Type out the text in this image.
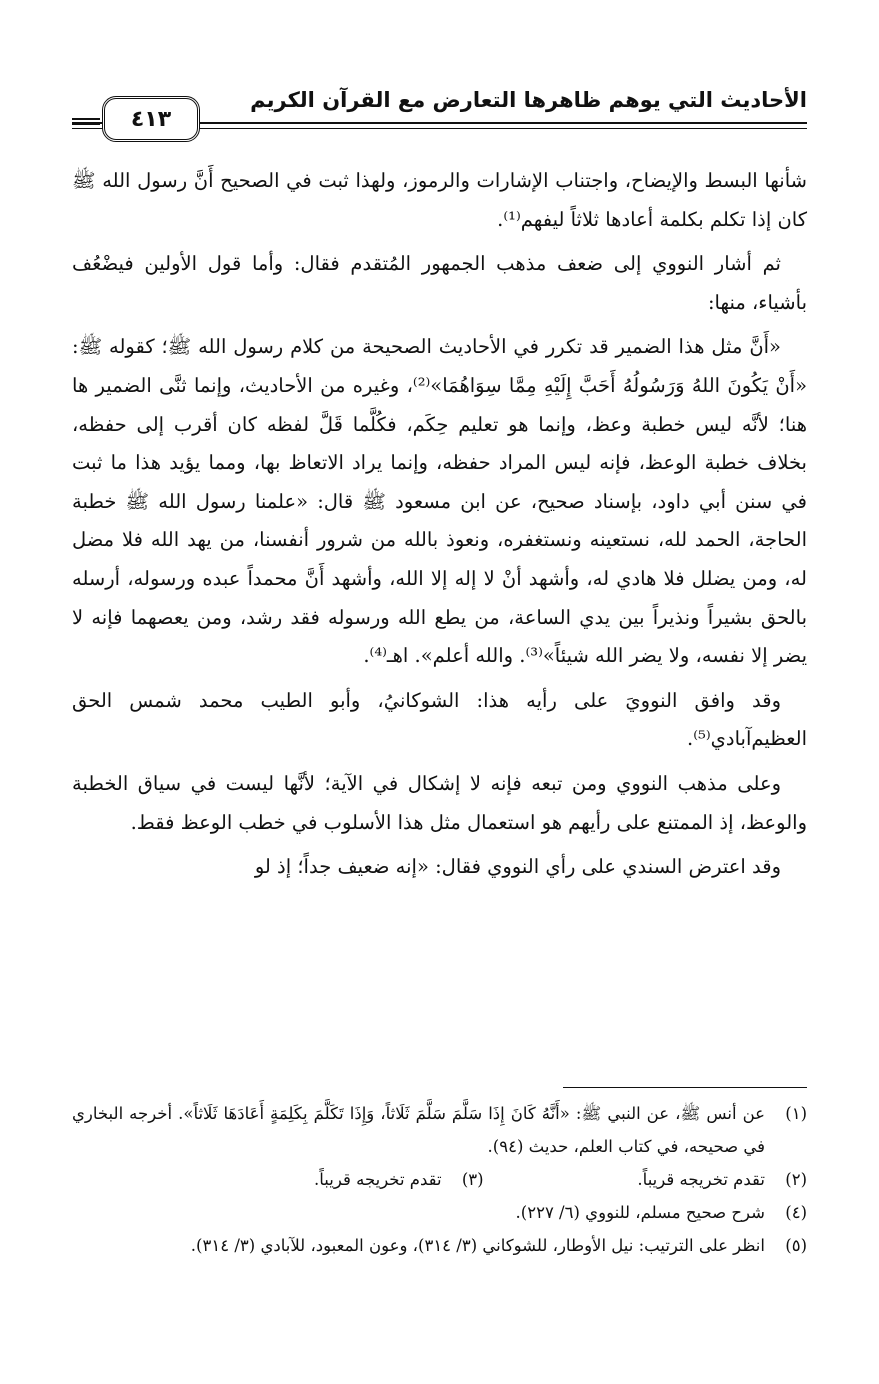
الأحاديث التي يوهم ظاهرها التعارض مع القرآن الكريم
٤١٣

شأنها البسط والإيضاح، واجتناب الإشارات والرموز، ولهذا ثبت في الصحيح أَنَّ رسول الله ﷺ كان إذا تكلم بكلمة أعادها ثلاثاً ليفهم⁽¹⁾.

ثم أشار النووي إلى ضعف مذهب الجمهور المُتقدم فقال: وأما قول الأولين فيضْعُف بأشياء، منها:

«أَنَّ مثل هذا الضمير قد تكرر في الأحاديث الصحيحة من كلام رسول الله ﷺ؛ كقوله ﷺ: «أَنْ يَكُونَ اللهُ وَرَسُولُهُ أَحَبَّ إِلَيْهِ مِمَّا سِوَاهُمَا»⁽²⁾، وغيره من الأحاديث، وإنما ثنَّى الضمير ها هنا؛ لأنَّه ليس خطبة وعظ، وإنما هو تعليم حِكَم، فكُلَّما قَلَّ لفظه كان أقرب إلى حفظه، بخلاف خطبة الوعظ، فإنه ليس المراد حفظه، وإنما يراد الاتعاظ بها، ومما يؤيد هذا ما ثبت في سنن أبي داود، بإسناد صحيح، عن ابن مسعود ﷺ قال: «علمنا رسول الله ﷺ خطبة الحاجة، الحمد لله، نستعينه ونستغفره، ونعوذ بالله من شرور أنفسنا، من يهد الله فلا مضل له، ومن يضلل فلا هادي له، وأشهد أنْ لا إله إلا الله، وأشهد أَنَّ محمداً عبده ورسوله، أرسله بالحق بشيراً ونذيراً بين يدي الساعة، من يطع الله ورسوله فقد رشد، ومن يعصهما فإنه لا يضر إلا نفسه، ولا يضر الله شيئاً»⁽³⁾. والله أعلم». اهـ⁽⁴⁾.

وقد وافق النوويَ على رأيه هذا: الشوكانيُ، وأبو الطيب محمد شمس الحق العظيم‌آبادي⁽⁵⁾.

وعلى مذهب النووي ومن تبعه فإنه لا إشكال في الآية؛ لأنَّها ليست في سياق الخطبة والوعظ، إذ الممتنع على رأيهم هو استعمال مثل هذا الأسلوب في خطب الوعظ فقط.

وقد اعترض السندي على رأي النووي فقال: «إنه ضعيف جداً؛ إذ لو

(١)
عن أنس ﷺ، عن النبي ﷺ: «أَنَّهُ كَانَ إِذَا سَلَّمَ سَلَّمَ ثَلَاثاً، وَإِذَا تَكَلَّمَ بِكَلِمَةٍ أَعَادَهَا ثَلَاثاً». أخرجه البخاري في صحيحه، في كتاب العلم، حديث (٩٤).
(٢)
تقدم تخريجه قريباً.
(٣)
تقدم تخريجه قريباً.
(٤)
شرح صحيح مسلم، للنووي (٦/ ٢٢٧).
(٥)
انظر على الترتيب: نيل الأوطار، للشوكاني (٣/ ٣١٤)، وعون المعبود، للآبادي (٣/ ٣١٤).
